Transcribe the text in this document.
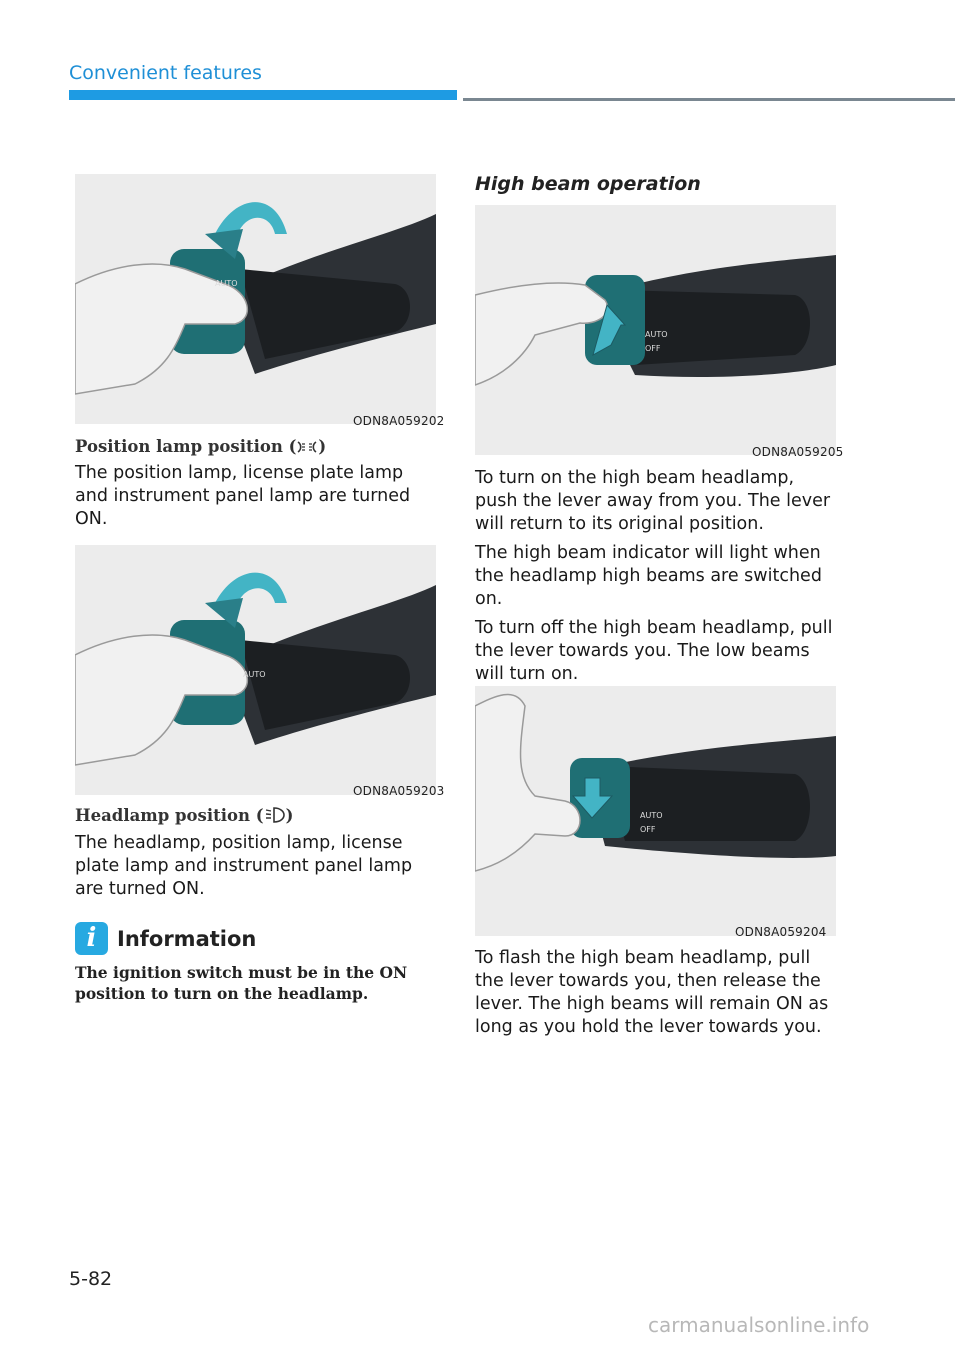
Convenient features
AUTO
ODN8A059202
Position lamp position ( )

The position lamp, license plate lamp and instrument panel lamp are turned ON.

AUTO
ODN8A059203
Headlamp position ( )

The headlamp, position lamp, license plate lamp and instrument panel lamp are turned ON.

i Information
The ignition switch must be in the ON position to turn on the headlamp.
High beam operation
AUTO
OFF
ODN8A059205

To turn on the high beam headlamp, push the lever away from you. The lever will return to its original position.

The high beam indicator will light when the headlamp high beams are switched on.

To turn off the high beam headlamp, pull the lever towards you. The low beams will turn on.

AUTO
OFF
ODN8A059204

To flash the high beam headlamp, pull the lever towards you, then release the lever. The high beams will remain ON as long as you hold the lever towards you.

5-82
carmanualsonline.info
